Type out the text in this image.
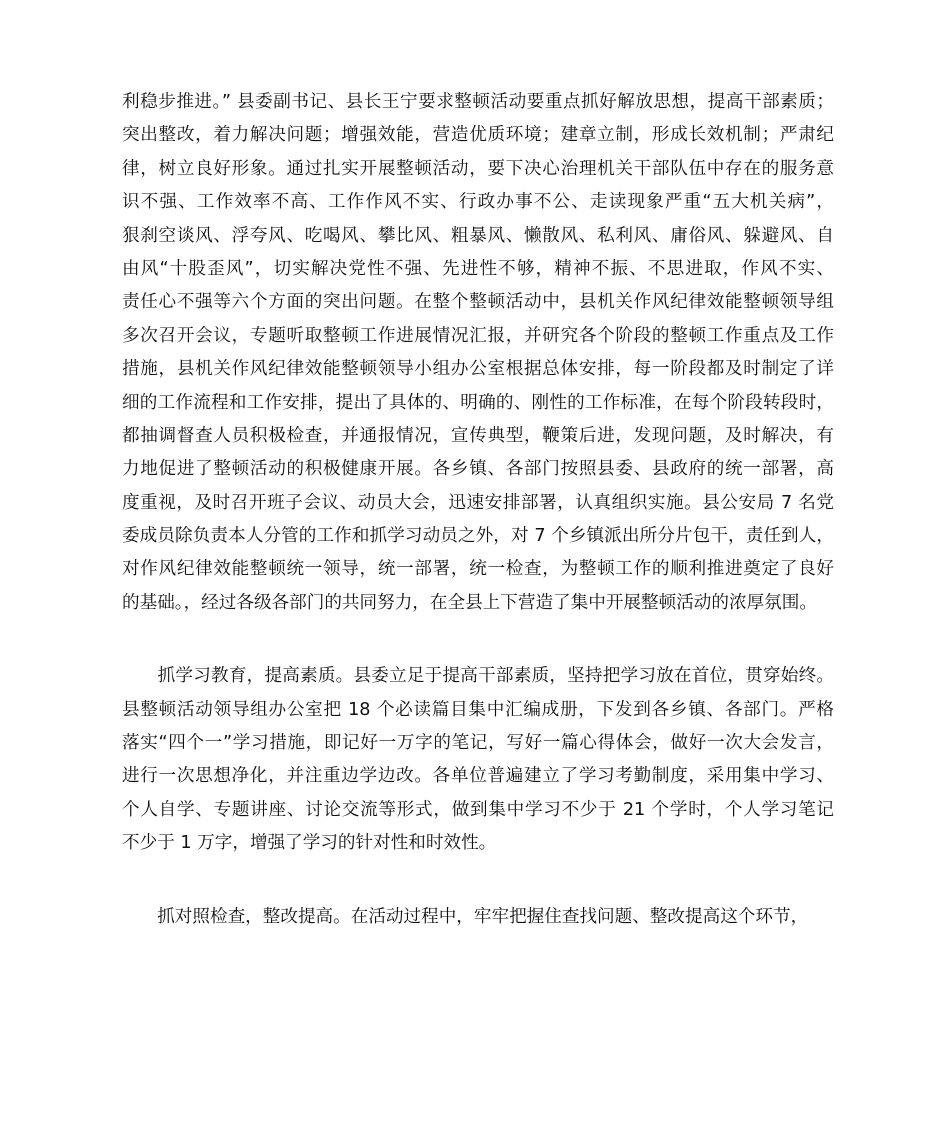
利稳步推进。” 县委副书记、县长王宁要求整顿活动要重点抓好解放思想，提高干部素质；
突出整改，着力解决问题；增强效能，营造优质环境；建章立制，形成长效机制；严肃纪
律，树立良好形象。通过扎实开展整顿活动，要下决心治理机关干部队伍中存在的服务意
识不强、工作效率不高、工作作风不实、行政办事不公、走读现象严重“五大机关病”，
狠刹空谈风、浮夸风、吃喝风、攀比风、粗暴风、懒散风、私利风、庸俗风、躲避风、自
由风“十股歪风”，切实解决党性不强、先进性不够，精神不振、不思进取，作风不实、
责任心不强等六个方面的突出问题。在整个整顿活动中，县机关作风纪律效能整顿领导组
多次召开会议，专题听取整顿工作进展情况汇报，并研究各个阶段的整顿工作重点及工作
措施，县机关作风纪律效能整顿领导小组办公室根据总体安排，每一阶段都及时制定了详
细的工作流程和工作安排，提出了具体的、明确的、刚性的工作标准，在每个阶段转段时，
都抽调督查人员积极检查，并通报情况，宣传典型，鞭策后进，发现问题，及时解决，有
力地促进了整顿活动的积极健康开展。各乡镇、各部门按照县委、县政府的统一部署，高
度重视，及时召开班子会议、动员大会，迅速安排部署，认真组织实施。县公安局 7 名党
委成员除负责本人分管的工作和抓学习动员之外，对 7 个乡镇派出所分片包干，责任到人，
对作风纪律效能整顿统一领导，统一部署，统一检查，为整顿工作的顺利推进奠定了良好
的基础。，经过各级各部门的共同努力，在全县上下营造了集中开展整顿活动的浓厚氛围。
　　抓学习教育，提高素质。县委立足于提高干部素质，坚持把学习放在首位，贯穿始终。
县整顿活动领导组办公室把 18 个必读篇目集中汇编成册，下发到各乡镇、各部门。严格
落实“四个一”学习措施，即记好一万字的笔记，写好一篇心得体会，做好一次大会发言，
进行一次思想净化，并注重边学边改。各单位普遍建立了学习考勤制度，采用集中学习、
个人自学、专题讲座、讨论交流等形式，做到集中学习不少于 21 个学时，个人学习笔记
不少于 1 万字，增强了学习的针对性和时效性。
　　抓对照检查，整改提高。在活动过程中，牢牢把握住查找问题、整改提高这个环节，
